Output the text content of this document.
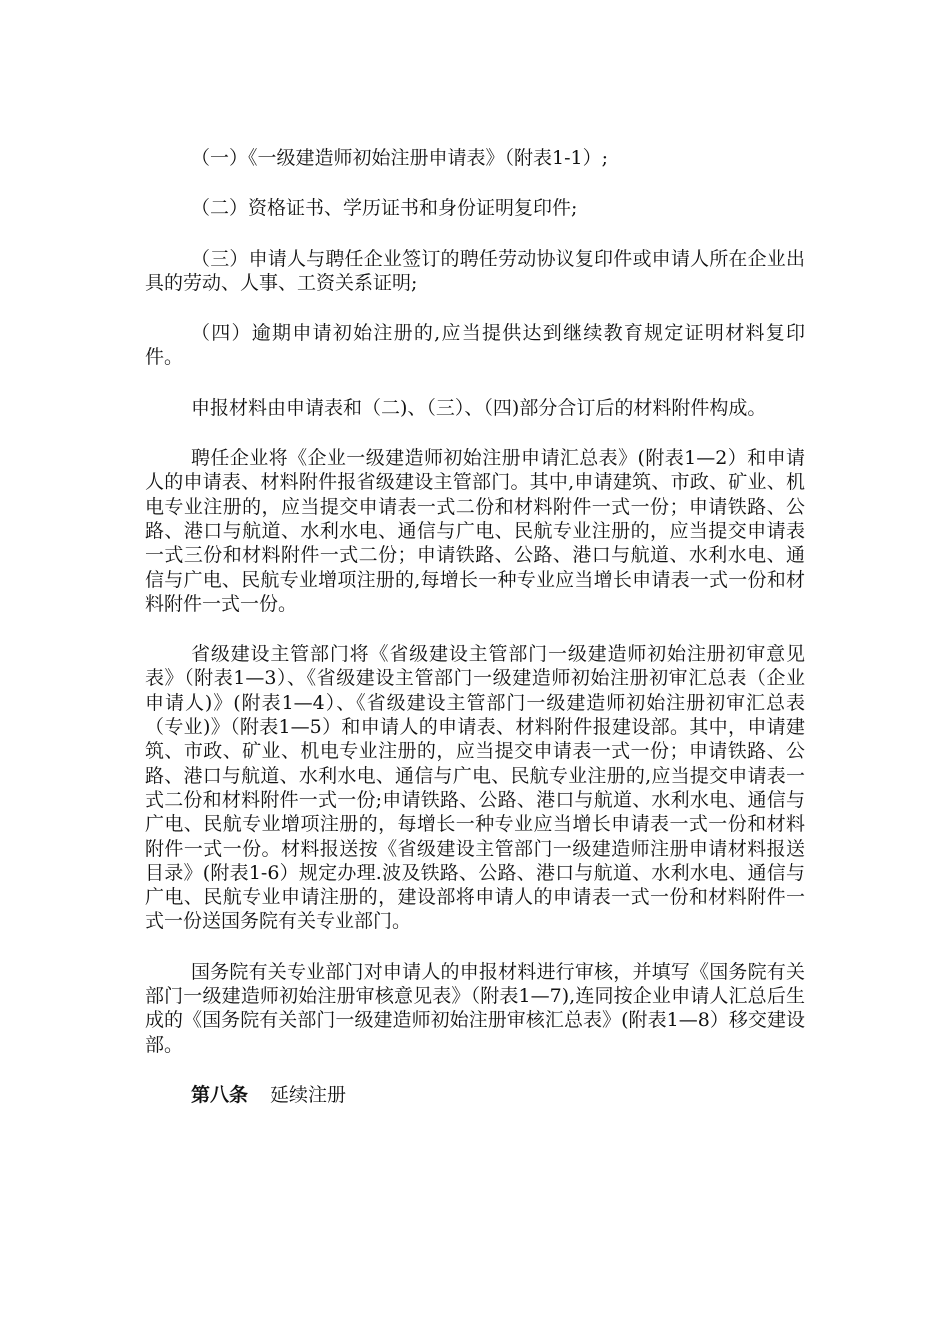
（一）《一级建造师初始注册申请表》（附表1-1）;

（二）资格证书、学历证书和身份证明复印件;

（三）申请人与聘任企业签订的聘任劳动协议复印件或申请人所在企业出具的劳动、人事、工资关系证明;

（四）逾期申请初始注册的,应当提供达到继续教育规定证明材料复印件。

申报材料由申请表和（二)、（三）、（四)部分合订后的材料附件构成。

聘任企业将《企业一级建造师初始注册申请汇总表》(附表1—2）和申请人的申请表、材料附件报省级建设主管部门。其中,申请建筑、市政、矿业、机电专业注册的，应当提交申请表一式二份和材料附件一式一份；申请铁路、公路、港口与航道、水利水电、通信与广电、民航专业注册的，应当提交申请表一式三份和材料附件一式二份；申请铁路、公路、港口与航道、水利水电、通信与广电、民航专业增项注册的,每增长一种专业应当增长申请表一式一份和材料附件一式一份。

省级建设主管部门将《省级建设主管部门一级建造师初始注册初审意见表》（附表1—3）、《省级建设主管部门一级建造师初始注册初审汇总表（企业申请人)》(附表1—4）、《省级建设主管部门一级建造师初始注册初审汇总表（专业)》（附表1—5）和申请人的申请表、材料附件报建设部。其中，申请建筑、市政、矿业、机电专业注册的，应当提交申请表一式一份；申请铁路、公路、港口与航道、水利水电、通信与广电、民航专业注册的,应当提交申请表一式二份和材料附件一式一份;申请铁路、公路、港口与航道、水利水电、通信与广电、民航专业增项注册的，每增长一种专业应当增长申请表一式一份和材料附件一式一份。材料报送按《省级建设主管部门一级建造师注册申请材料报送目录》(附表1-6）规定办理.波及铁路、公路、港口与航道、水利水电、通信与广电、民航专业申请注册的，建设部将申请人的申请表一式一份和材料附件一式一份送国务院有关专业部门。

国务院有关专业部门对申请人的申报材料进行审核，并填写《国务院有关部门一级建造师初始注册审核意见表》（附表1—7),连同按企业申请人汇总后生成的《国务院有关部门一级建造师初始注册审核汇总表》(附表1—8）移交建设部。

第八条 延续注册
